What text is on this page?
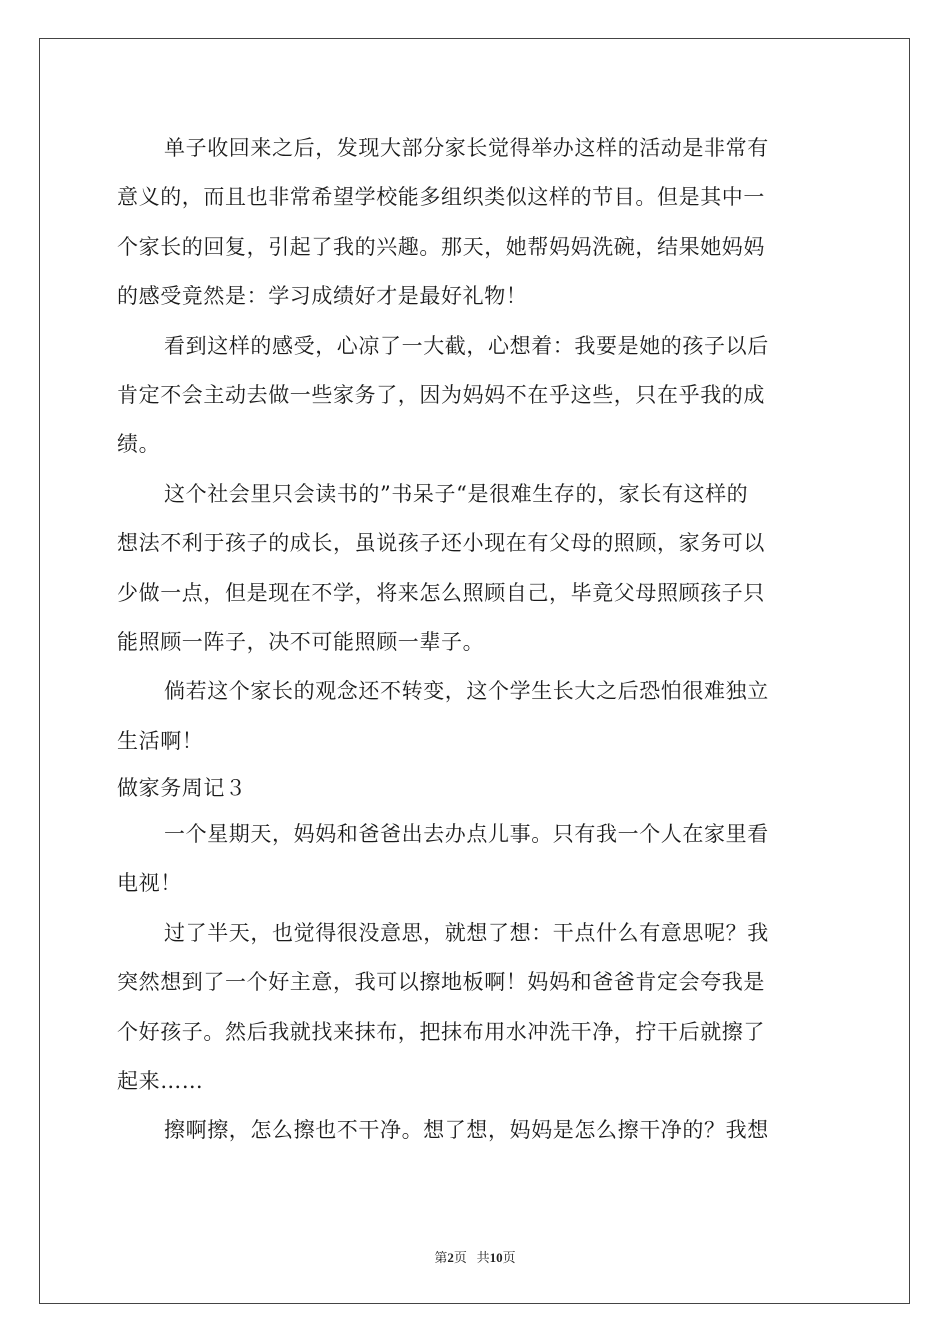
单子收回来之后，发现大部分家长觉得举办这样的活动是非常有
意义的，而且也非常希望学校能多组织类似这样的节目。但是其中一
个家长的回复，引起了我的兴趣。那天，她帮妈妈洗碗，结果她妈妈
的感受竟然是：学习成绩好才是最好礼物！
看到这样的感受，心凉了一大截，心想着：我要是她的孩子以后
肯定不会主动去做一些家务了，因为妈妈不在乎这些，只在乎我的成
绩。
这个社会里只会读书的”书呆子“是很难生存的，家长有这样的
想法不利于孩子的成长，虽说孩子还小现在有父母的照顾，家务可以
少做一点，但是现在不学，将来怎么照顾自己，毕竟父母照顾孩子只
能照顾一阵子，决不可能照顾一辈子。
倘若这个家长的观念还不转变，这个学生长大之后恐怕很难独立
生活啊！
做家务周记３
一个星期天，妈妈和爸爸出去办点儿事。只有我一个人在家里看
电视！
过了半天，也觉得很没意思，就想了想：干点什么有意思呢？我
突然想到了一个好主意，我可以擦地板啊！妈妈和爸爸肯定会夸我是
个好孩子。然后我就找来抹布，把抹布用水冲洗干净，拧干后就擦了
起来……
擦啊擦，怎么擦也不干净。想了想，妈妈是怎么擦干净的？我想
第2页 共10页
